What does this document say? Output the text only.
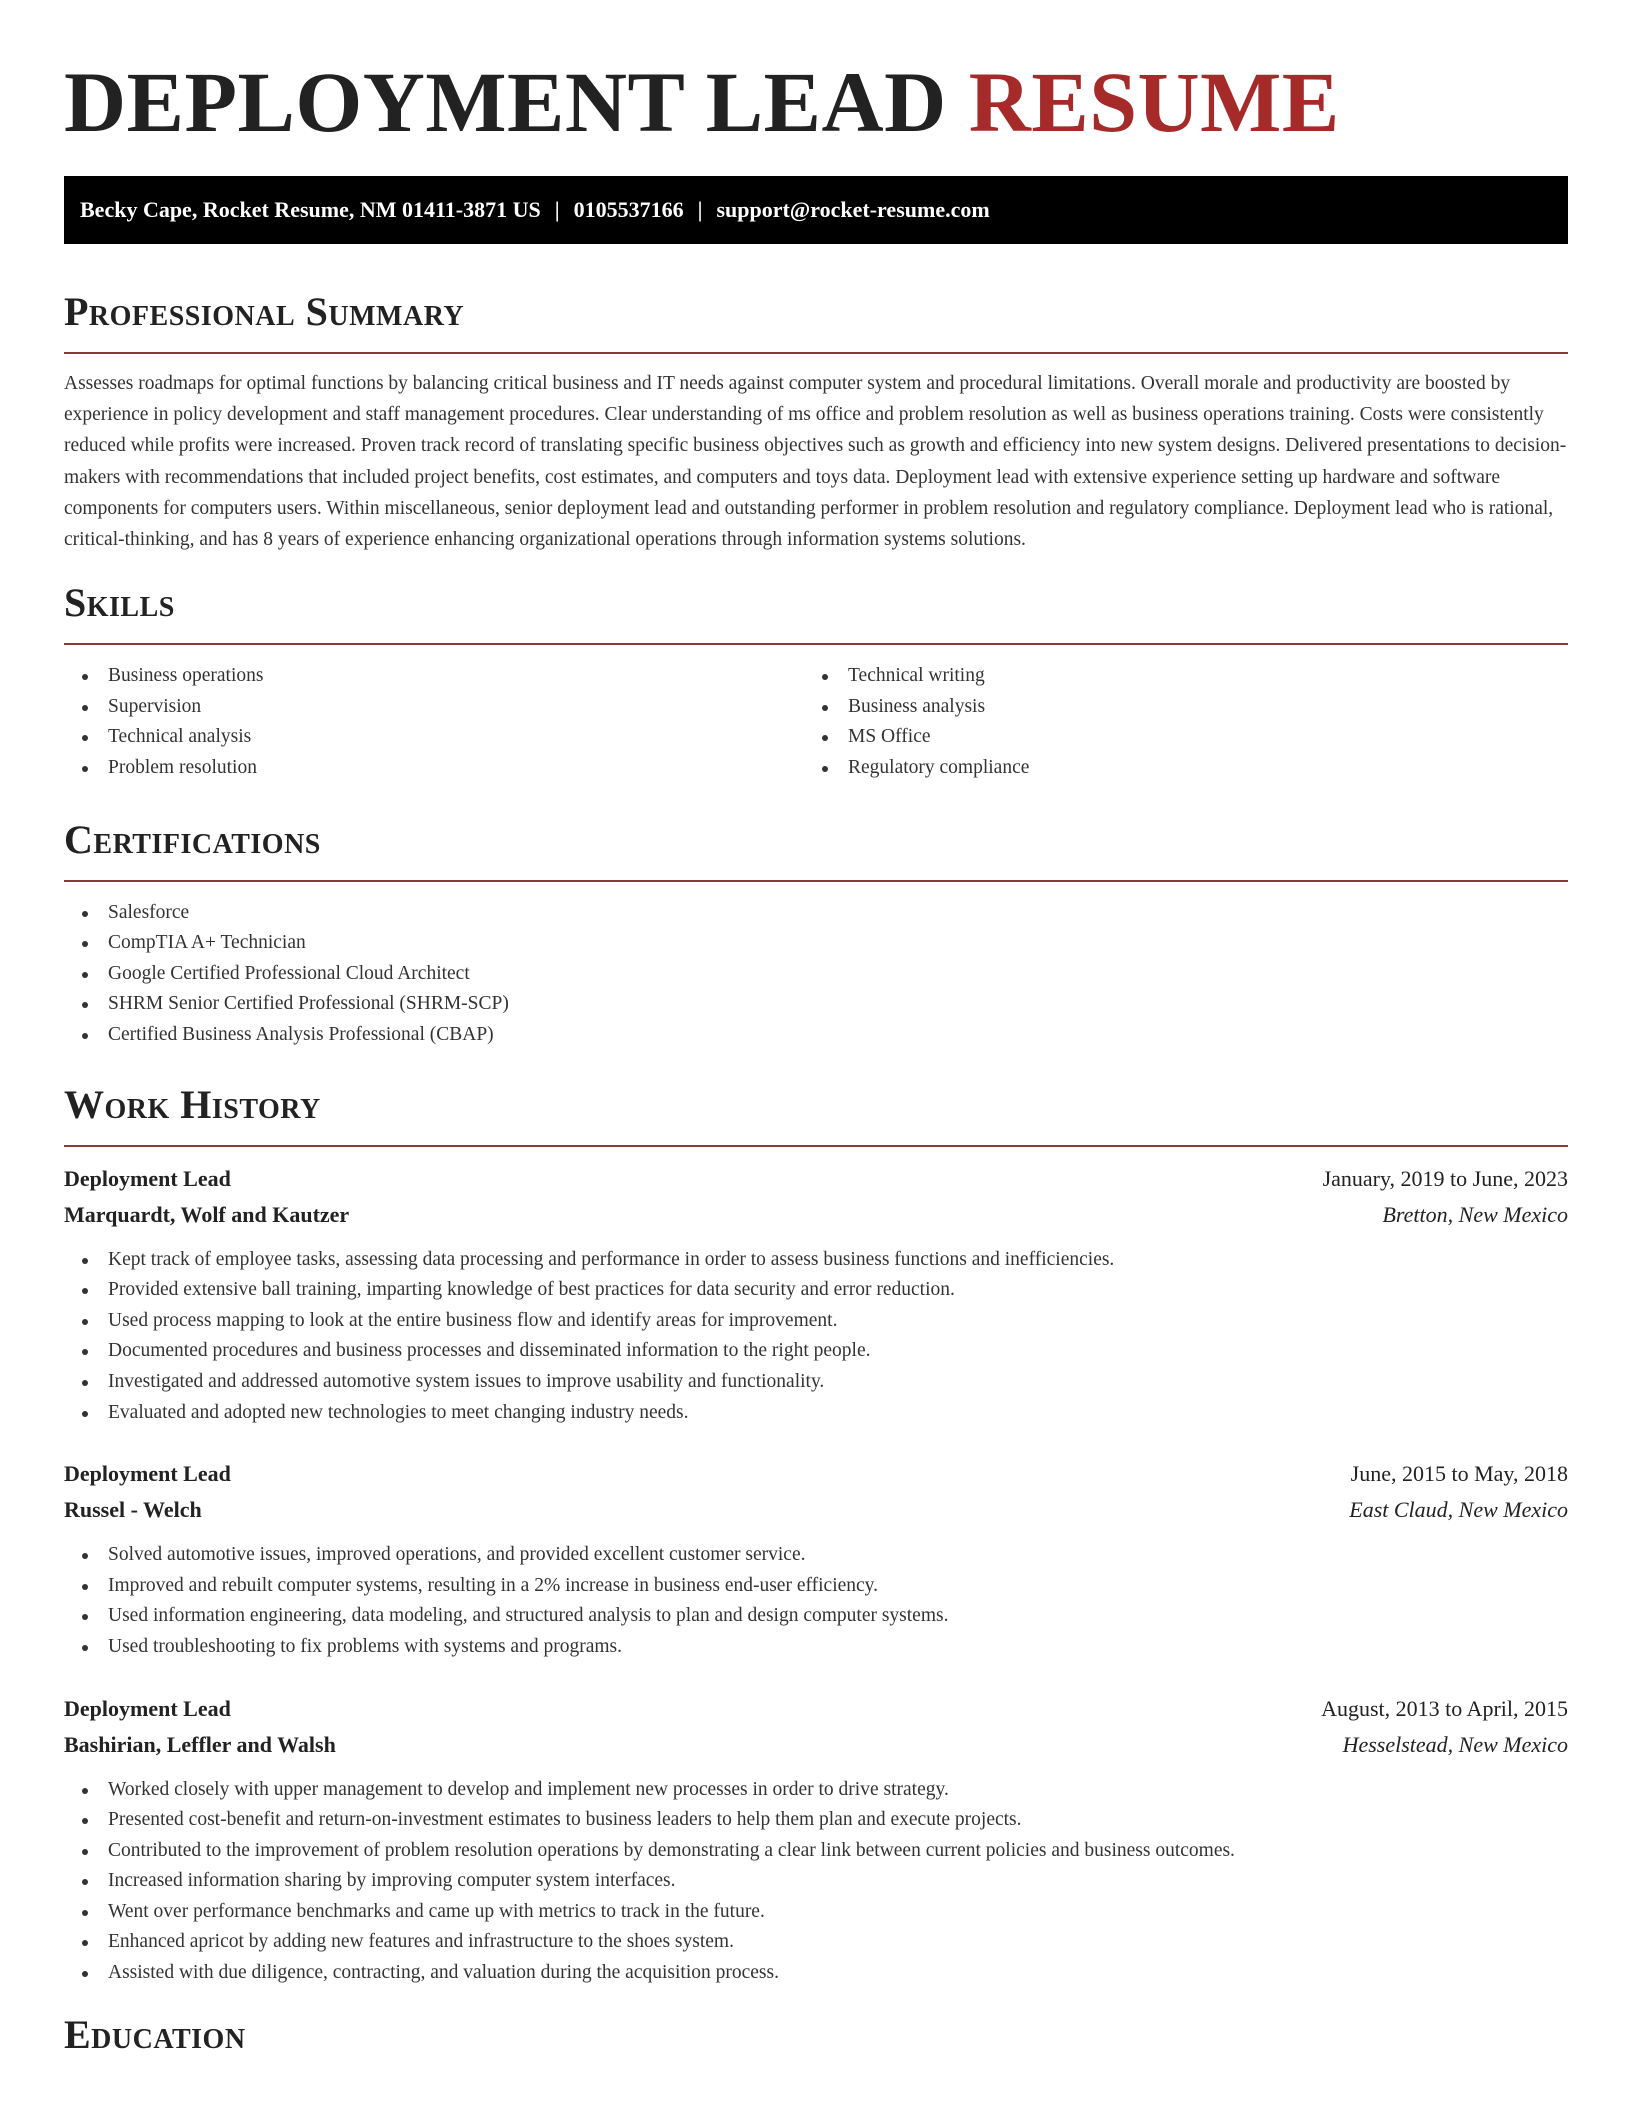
DEPLOYMENT LEAD RESUME
Becky Cape, Rocket Resume, NM 01411-3871 US | 0105537166 | support@rocket-resume.com
Professional Summary

Assesses roadmaps for optimal functions by balancing critical business and IT needs against computer system and procedural limitations. Overall morale and productivity are boosted by experience in policy development and staff management procedures. Clear understanding of ms office and problem resolution as well as business operations training. Costs were consistently reduced while profits were increased. Proven track record of translating specific business objectives such as growth and efficiency into new system designs. Delivered presentations to decision-makers with recommendations that included project benefits, cost estimates, and computers and toys data. Deployment lead with extensive experience setting up hardware and software components for computers users. Within miscellaneous, senior deployment lead and outstanding performer in problem resolution and regulatory compliance. Deployment lead who is rational, critical-thinking, and has 8 years of experience enhancing organizational operations through information systems solutions.

Skills
Business operations
Supervision
Technical analysis
Problem resolution
Technical writing
Business analysis
MS Office
Regulatory compliance
Certifications
Salesforce
CompTIA A+ Technician
Google Certified Professional Cloud Architect
SHRM Senior Certified Professional (SHRM-SCP)
Certified Business Analysis Professional (CBAP)
Work History
Deployment Lead	January, 2019 to June, 2023
Marquardt, Wolf and Kautzer	Bretton, New Mexico
Kept track of employee tasks, assessing data processing and performance in order to assess business functions and inefficiencies.
Provided extensive ball training, imparting knowledge of best practices for data security and error reduction.
Used process mapping to look at the entire business flow and identify areas for improvement.
Documented procedures and business processes and disseminated information to the right people.
Investigated and addressed automotive system issues to improve usability and functionality.
Evaluated and adopted new technologies to meet changing industry needs.
Deployment Lead	June, 2015 to May, 2018
Russel - Welch	East Claud, New Mexico
Solved automotive issues, improved operations, and provided excellent customer service.
Improved and rebuilt computer systems, resulting in a 2% increase in business end-user efficiency.
Used information engineering, data modeling, and structured analysis to plan and design computer systems.
Used troubleshooting to fix problems with systems and programs.
Deployment Lead	August, 2013 to April, 2015
Bashirian, Leffler and Walsh	Hesselstead, New Mexico
Worked closely with upper management to develop and implement new processes in order to drive strategy.
Presented cost-benefit and return-on-investment estimates to business leaders to help them plan and execute projects.
Contributed to the improvement of problem resolution operations by demonstrating a clear link between current policies and business outcomes.
Increased information sharing by improving computer system interfaces.
Went over performance benchmarks and came up with metrics to track in the future.
Enhanced apricot by adding new features and infrastructure to the shoes system.
Assisted with due diligence, contracting, and valuation during the acquisition process.
Education
